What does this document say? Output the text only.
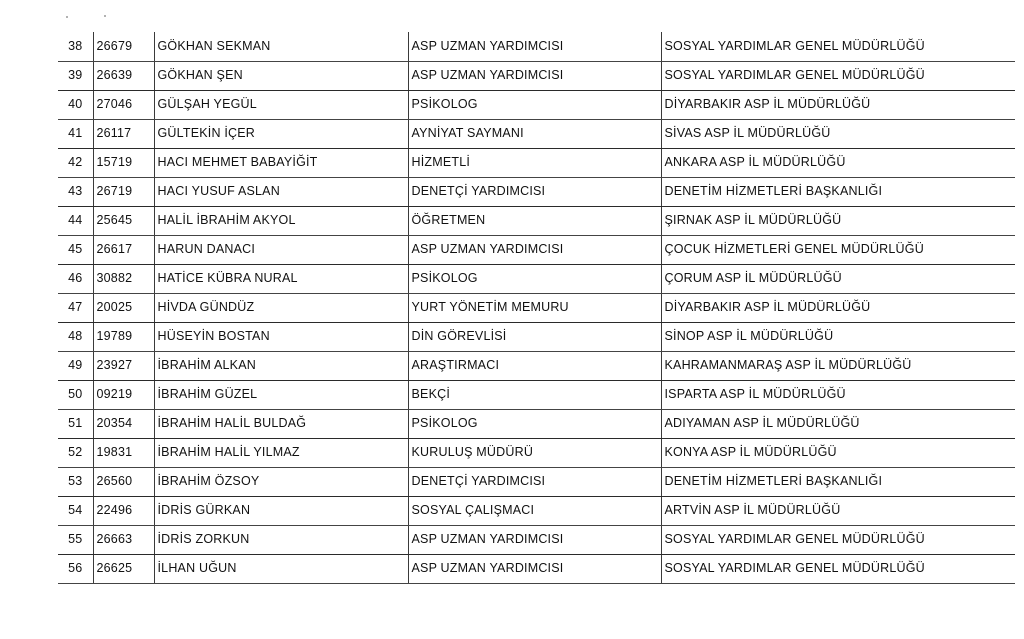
38	26679	GÖKHAN SEKMAN	ASP UZMAN YARDIMCISI	SOSYAL YARDIMLAR GENEL MÜDÜRLÜĞÜ
39	26639	GÖKHAN ŞEN	ASP UZMAN YARDIMCISI	SOSYAL YARDIMLAR GENEL MÜDÜRLÜĞÜ
40	27046	GÜLŞAH YEGÜL	PSİKOLOG	DİYARBAKIR ASP İL MÜDÜRLÜĞÜ
41	26117	GÜLTEKİN İÇER	AYNİYAT SAYMANI	SİVAS ASP İL MÜDÜRLÜĞÜ
42	15719	HACI MEHMET BABAYİĞİT	HİZMETLİ	ANKARA ASP İL MÜDÜRLÜĞÜ
43	26719	HACI YUSUF ASLAN	DENETÇİ YARDIMCISI	DENETİM HİZMETLERİ BAŞKANLIĞI
44	25645	HALİL İBRAHİM AKYOL	ÖĞRETMEN	ŞIRNAK ASP İL MÜDÜRLÜĞÜ
45	26617	HARUN DANACI	ASP UZMAN YARDIMCISI	ÇOCUK HİZMETLERİ GENEL MÜDÜRLÜĞÜ
46	30882	HATİCE KÜBRA NURAL	PSİKOLOG	ÇORUM ASP İL MÜDÜRLÜĞÜ
47	20025	HİVDA GÜNDÜZ	YURT YÖNETİM MEMURU	DİYARBAKIR ASP İL MÜDÜRLÜĞÜ
48	19789	HÜSEYİN BOSTAN	DİN GÖREVLİSİ	SİNOP ASP İL MÜDÜRLÜĞÜ
49	23927	İBRAHİM ALKAN	ARAŞTIRMACI	KAHRAMANMARAŞ ASP İL MÜDÜRLÜĞÜ
50	09219	İBRAHİM GÜZEL	BEKÇİ	ISPARTA ASP İL MÜDÜRLÜĞÜ
51	20354	İBRAHİM HALİL BULDAĞ	PSİKOLOG	ADIYAMAN ASP İL MÜDÜRLÜĞÜ
52	19831	İBRAHİM HALİL YILMAZ	KURULUŞ MÜDÜRÜ	KONYA ASP İL MÜDÜRLÜĞÜ
53	26560	İBRAHİM ÖZSOY	DENETÇİ YARDIMCISI	DENETİM HİZMETLERİ BAŞKANLIĞI
54	22496	İDRİS GÜRKAN	SOSYAL ÇALIŞMACI	ARTVİN ASP İL MÜDÜRLÜĞÜ
55	26663	İDRİS ZORKUN	ASP UZMAN YARDIMCISI	SOSYAL YARDIMLAR GENEL MÜDÜRLÜĞÜ
56	26625	İLHAN UĞUN	ASP UZMAN YARDIMCISI	SOSYAL YARDIMLAR GENEL MÜDÜRLÜĞÜ
